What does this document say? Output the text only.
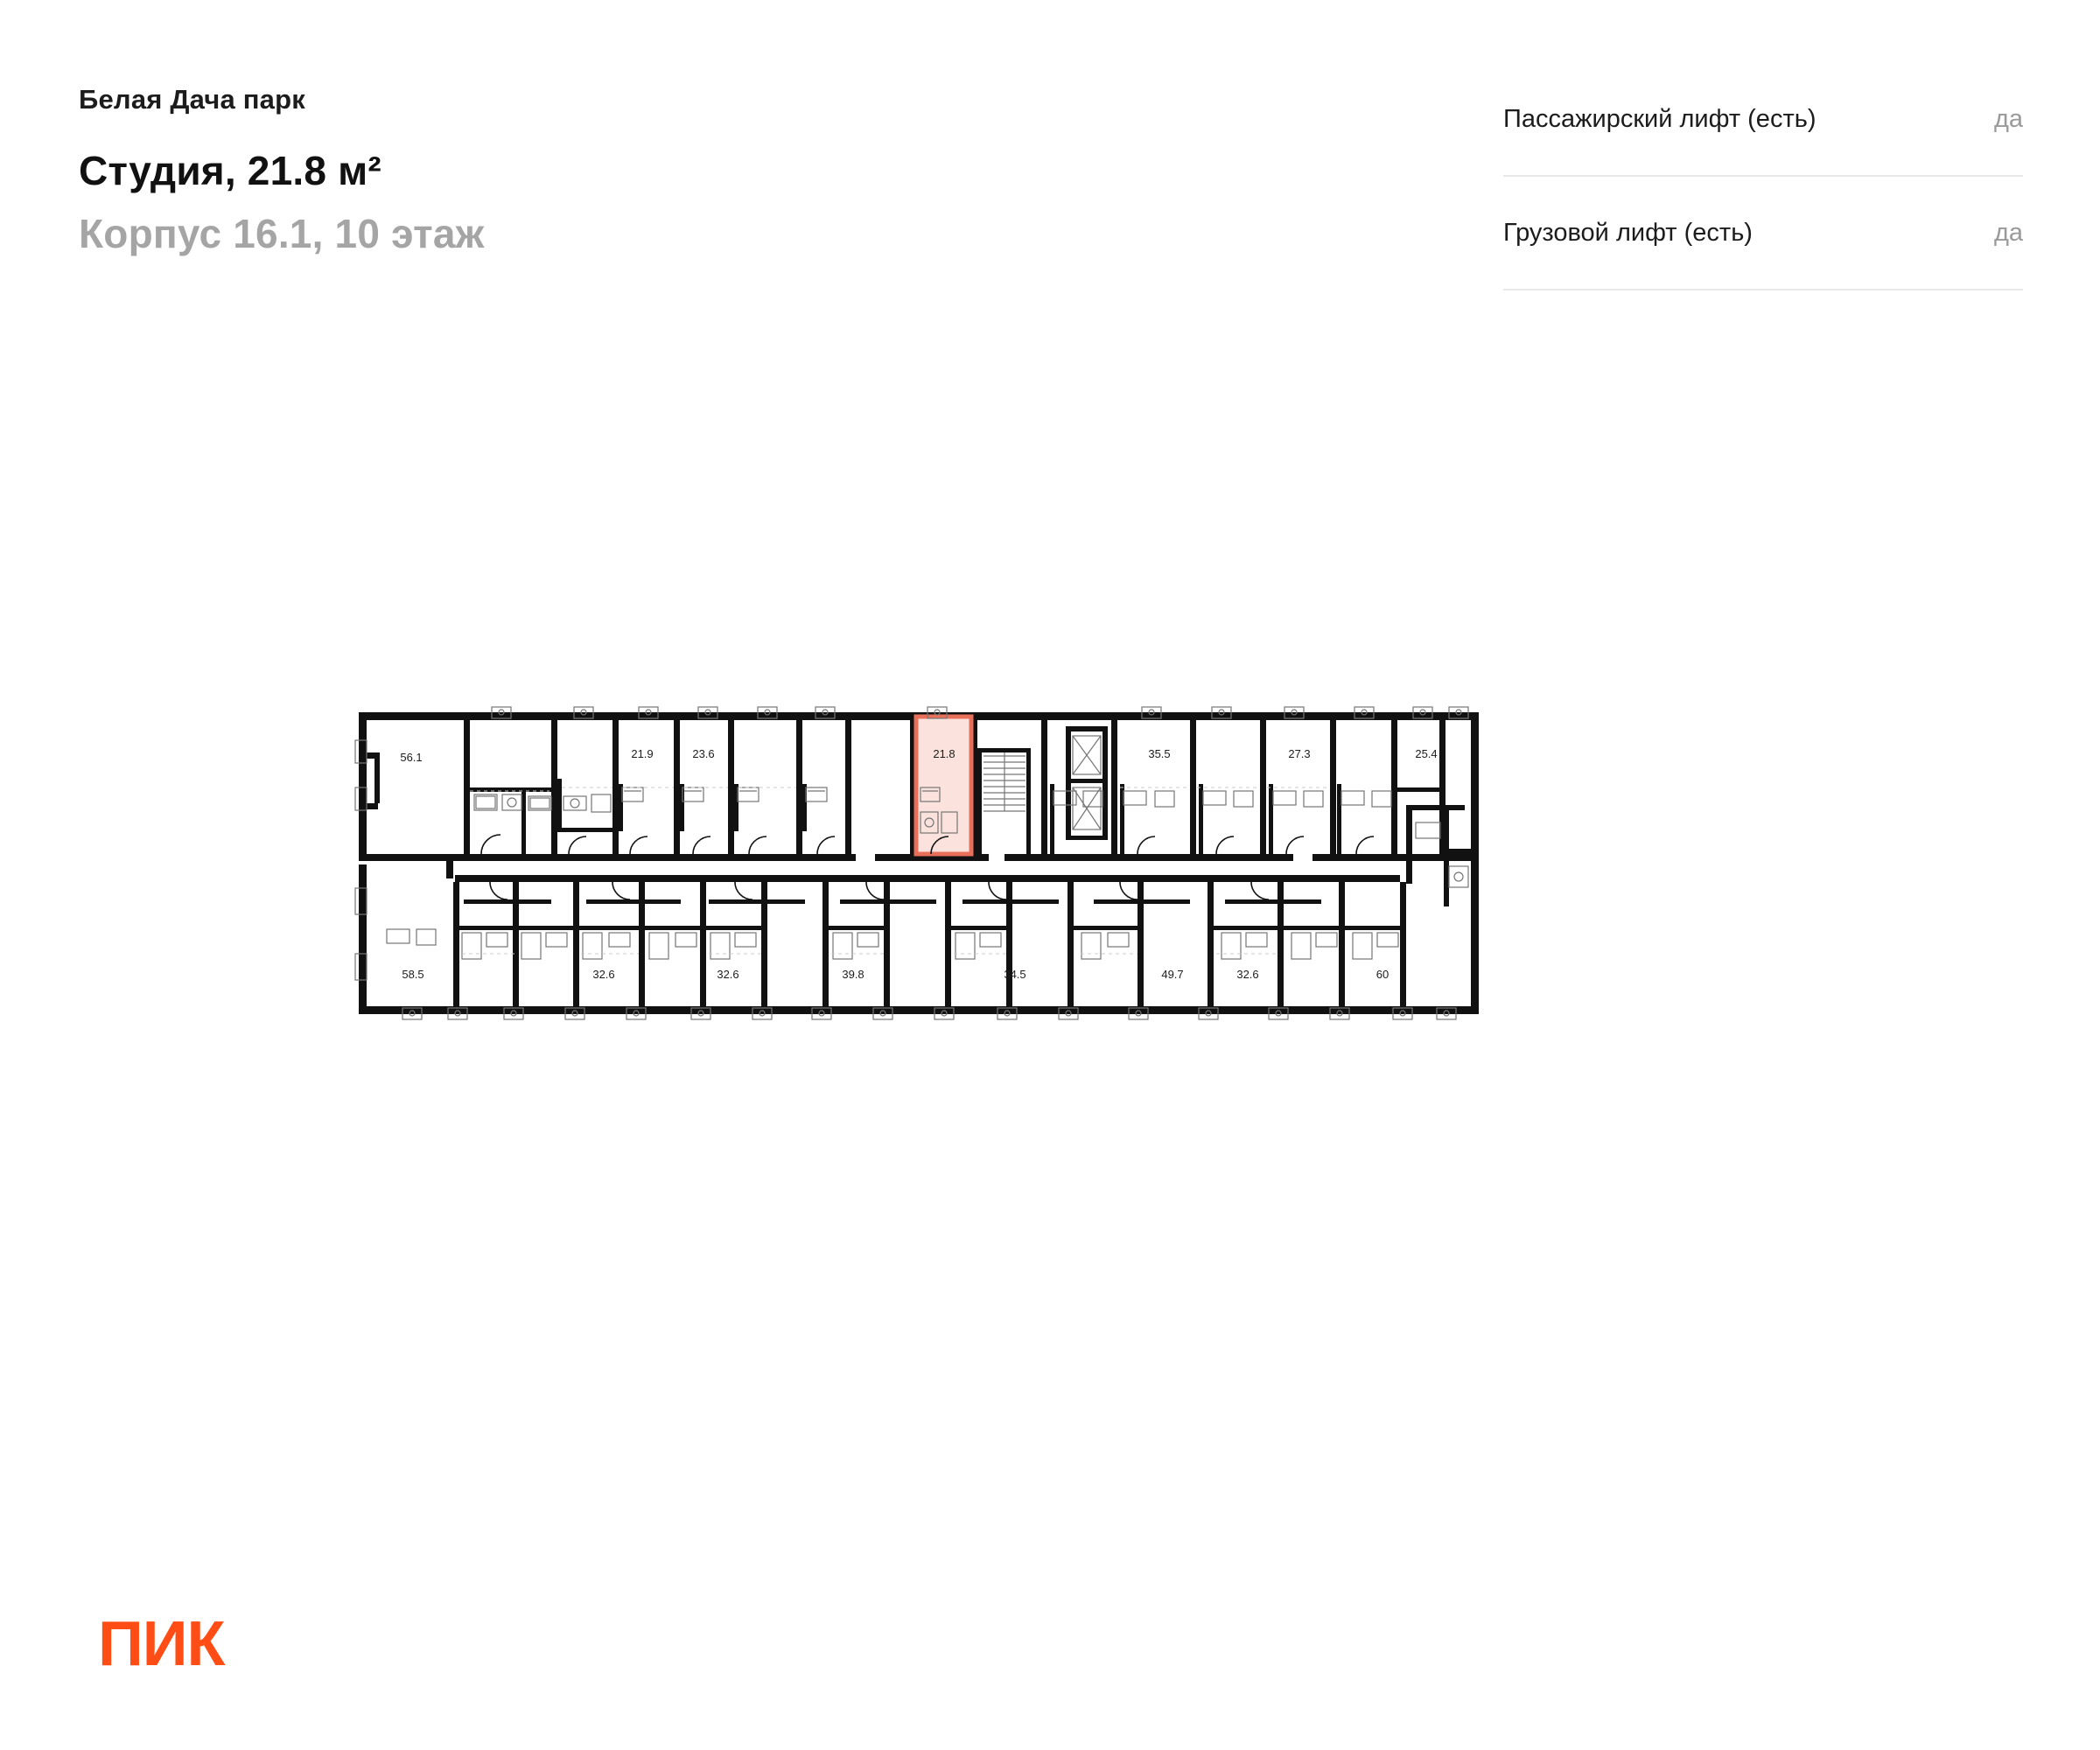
Белая Дача парк
Студия, 21.8 м²
Корпус 16.1, 10 этаж
Пассажирский лифт (есть)	да
Грузовой лифт (есть)	да
56.1	21.9	23.6	21.8	35.5	27.3	25.4
58.5	32.6	32.6	39.8	34.5	49.7	32.6	60
ПИК
